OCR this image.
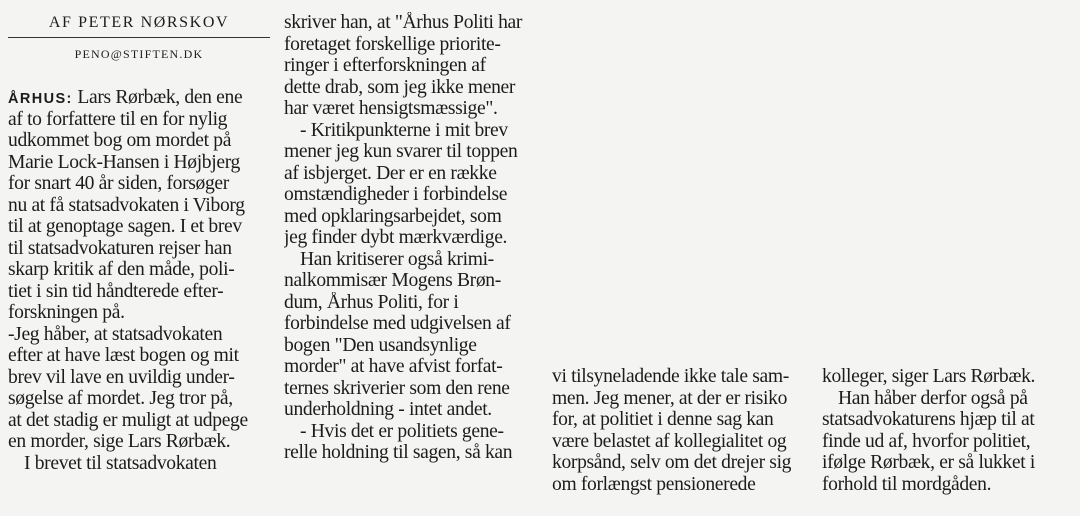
AF PETER NØRSKOV
PENO@STIFTEN.DK
ÅRHUS: Lars Rørbæk, den ene
af to forfattere til en for nylig
udkommet bog om mordet på
Marie Lock-Hansen i Højbjerg
for snart 40 år siden, forsøger
nu at få statsadvokaten i Viborg
til at genoptage sagen. I et brev
til statsadvokaturen rejser han
skarp kritik af den måde, poli-
tiet i sin tid håndterede efter-
forskningen på.
-Jeg håber, at statsadvokaten
efter at have læst bogen og mit
brev vil lave en uvildig under-
søgelse af mordet. Jeg tror på,
at det stadig er muligt at udpege
en morder, sige Lars Rørbæk.
I brevet til statsadvokaten
skriver han, at "Århus Politi har
foretaget forskellige priorite-
ringer i efterforskningen af
dette drab, som jeg ikke mener
har været hensigtsmæssige".
- Kritikpunkterne i mit brev
mener jeg kun svarer til toppen
af isbjerget. Der er en række
omstændigheder i forbindelse
med opklaringsarbejdet, som
jeg finder dybt mærkværdige.
Han kritiserer også krimi-
nalkommisær Mogens Brøn-
dum, Århus Politi, for i
forbindelse med udgivelsen af
bogen "Den usandsynlige
morder" at have afvist forfat-
ternes skriverier som den rene
underholdning - intet andet.
- Hvis det er politiets gene-
relle holdning til sagen, så kan
vi tilsyneladende ikke tale sam-
men. Jeg mener, at der er risiko
for, at politiet i denne sag kan
være belastet af kollegialitet og
korpsånd, selv om det drejer sig
om forlængst pensionerede
kolleger, siger Lars Rørbæk.
Han håber derfor også på
statsadvokaturens hjæp til at
finde ud af, hvorfor politiet,
ifølge Rørbæk, er så lukket i
forhold til mordgåden.
